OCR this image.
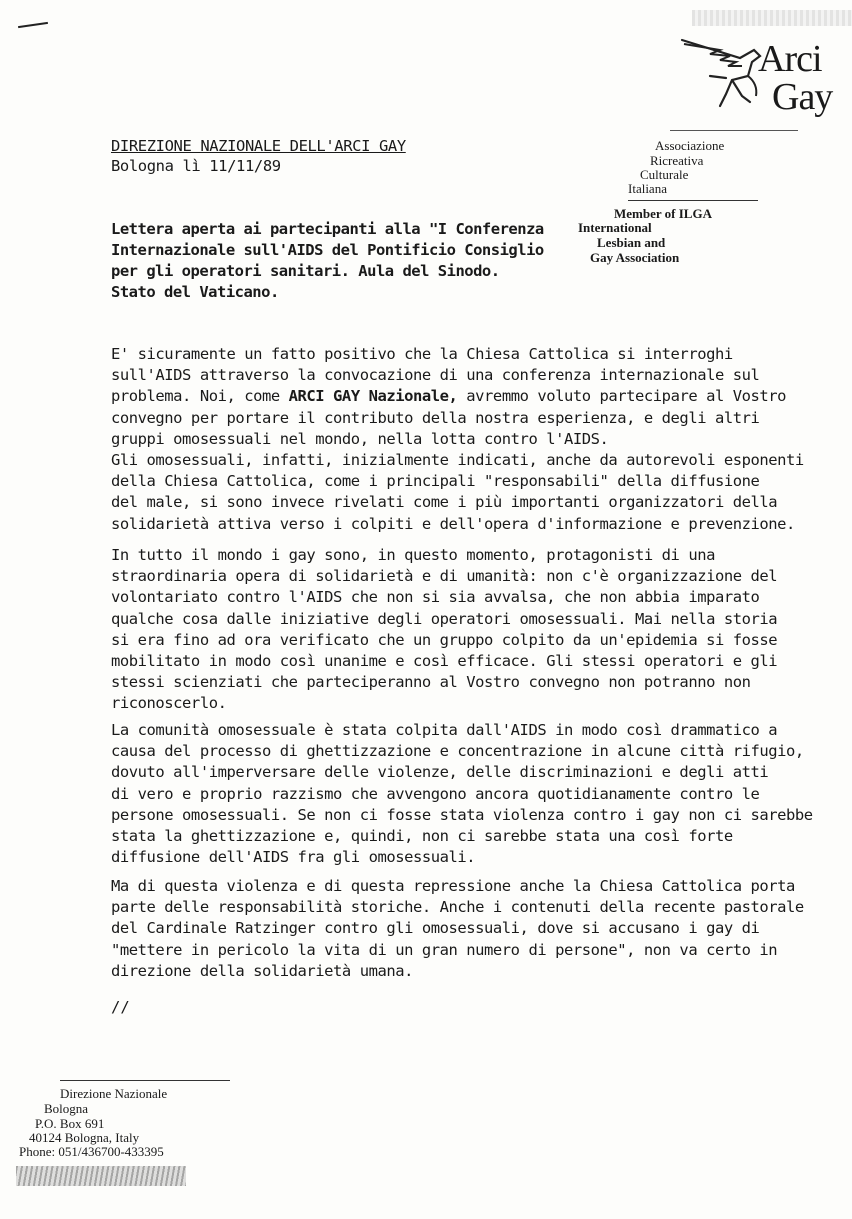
Arci
Gay
Associazione
Ricreativa
Culturale
Italiana
Member of ILGA
International
Lesbian and
Gay Association
DIREZIONE NAZIONALE DELL'ARCI GAY
Bologna lì 11/11/89
Lettera aperta ai partecipanti alla "I Conferenza
Internazionale sull'AIDS del Pontificio Consiglio
per gli operatori sanitari. Aula del Sinodo.
Stato del Vaticano.
E' sicuramente un fatto positivo che la Chiesa Cattolica si interroghi
sull'AIDS attraverso la convocazione di una conferenza internazionale sul
problema. Noi, come ARCI GAY Nazionale, avremmo voluto partecipare al Vostro
convegno per portare il contributo della nostra esperienza, e degli altri
gruppi omosessuali nel mondo, nella lotta contro l'AIDS.
Gli omosessuali, infatti, inizialmente indicati, anche da autorevoli esponenti
della Chiesa Cattolica, come i principali "responsabili" della diffusione
del male, si sono invece rivelati come i più importanti organizzatori della
solidarietà attiva verso i colpiti e dell'opera d'informazione e prevenzione.
In tutto il mondo i gay sono, in questo momento, protagonisti di una
straordinaria opera di solidarietà e di umanità: non c'è organizzazione del
volontariato contro l'AIDS che non si sia avvalsa, che non abbia imparato
qualche cosa dalle iniziative degli operatori omosessuali. Mai nella storia
si era fino ad ora verificato che un gruppo colpito da un'epidemia si fosse
mobilitato in modo così unanime e così efficace. Gli stessi operatori e gli
stessi scienziati che parteciperanno al Vostro convegno non potranno non
riconoscerlo.
La comunità omosessuale è stata colpita dall'AIDS in modo così drammatico a
causa del processo di ghettizzazione e concentrazione in alcune città rifugio,
dovuto all'imperversare delle violenze, delle discriminazioni e degli atti
di vero e proprio razzismo che avvengono ancora quotidianamente contro le
persone omosessuali. Se non ci fosse stata violenza contro i gay non ci sarebbe
stata la ghettizzazione e, quindi, non ci sarebbe stata una così forte
diffusione dell'AIDS fra gli omosessuali.
Ma di questa violenza e di questa repressione anche la Chiesa Cattolica porta
parte delle responsabilità storiche. Anche i contenuti della recente pastorale
del Cardinale Ratzinger contro gli omosessuali, dove si accusano i gay di
"mettere in pericolo la vita di un gran numero di persone", non va certo in
direzione della solidarietà umana.
//
Direzione Nazionale
Bologna
P.O. Box 691
40124 Bologna, Italy
Phone: 051/436700-433395
